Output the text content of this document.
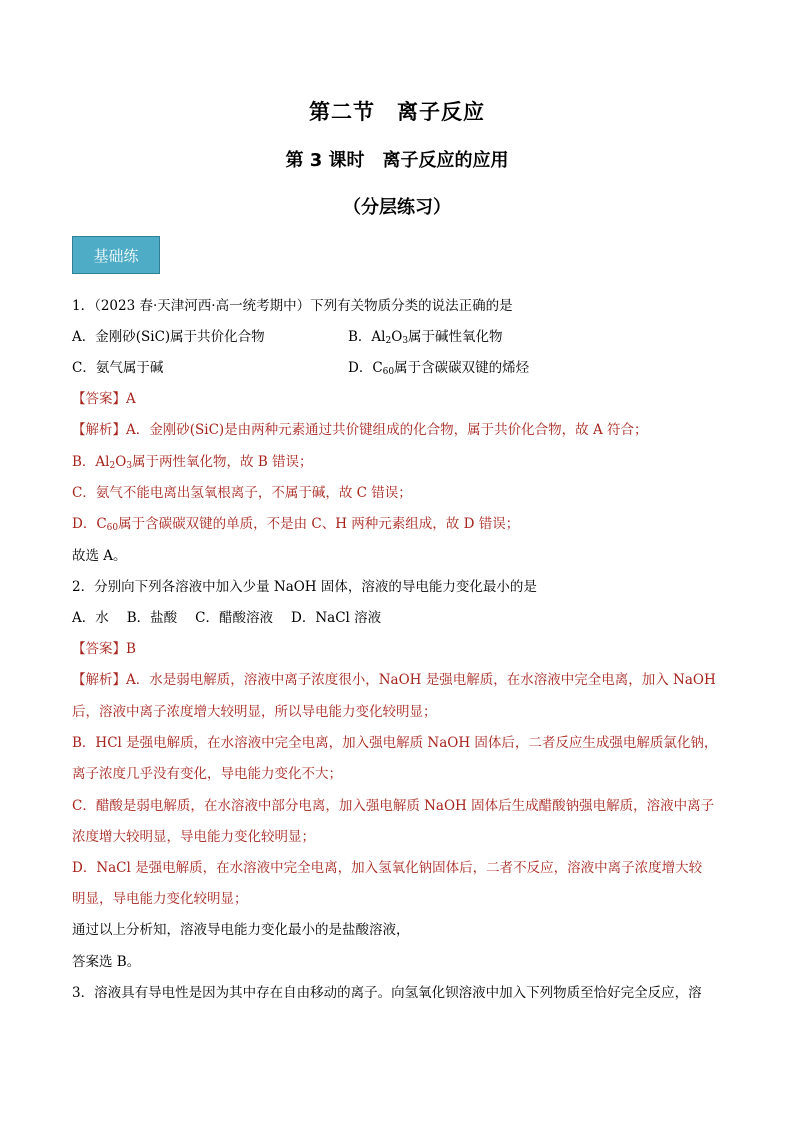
第二节　离子反应
第 3 课时　离子反应的应用
（分层练习）
基础练
1．（2023 春·天津河西·高一统考期中）下列有关物质分类的说法正确的是
A．金刚砂(SiC)属于共价化合物	B．$Al_2O_3$属于碱性氧化物
C．氨气属于碱	D．$C_{60}$属于含碳碳双键的烯烃
【答案】A
【解析】A．金刚砂(SiC)是由两种元素通过共价键组成的化合物，属于共价化合物，故 A 符合；
B．$Al_2O_3$属于两性氧化物，故 B 错误；
C．氨气不能电离出氢氧根离子，不属于碱，故 C 错误；
D．$C_{60}$属于含碳碳双键的单质，不是由 C、H 两种元素组成，故 D 错误；
故选 A。
2．分别向下列各溶液中加入少量 NaOH 固体，溶液的导电能力变化最小的是
A．水 B．盐酸 C．醋酸溶液 D．NaCl 溶液
【答案】B
【解析】A．水是弱电解质，溶液中离子浓度很小，NaOH 是强电解质，在水溶液中完全电离，加入 NaOH
后，溶液中离子浓度增大较明显，所以导电能力变化较明显；
B．HCl 是强电解质，在水溶液中完全电离，加入强电解质 NaOH 固体后，二者反应生成强电解质氯化钠，
离子浓度几乎没有变化，导电能力变化不大；
C．醋酸是弱电解质，在水溶液中部分电离，加入强电解质 NaOH 固体后生成醋酸钠强电解质，溶液中离子
浓度增大较明显，导电能力变化较明显；
D．NaCl 是强电解质，在水溶液中完全电离，加入氢氧化钠固体后，二者不反应，溶液中离子浓度增大较
明显，导电能力变化较明显；
通过以上分析知，溶液导电能力变化最小的是盐酸溶液，
答案选 B。
3．溶液具有导电性是因为其中存在自由移动的离子。向氢氧化钡溶液中加入下列物质至恰好完全反应，溶
